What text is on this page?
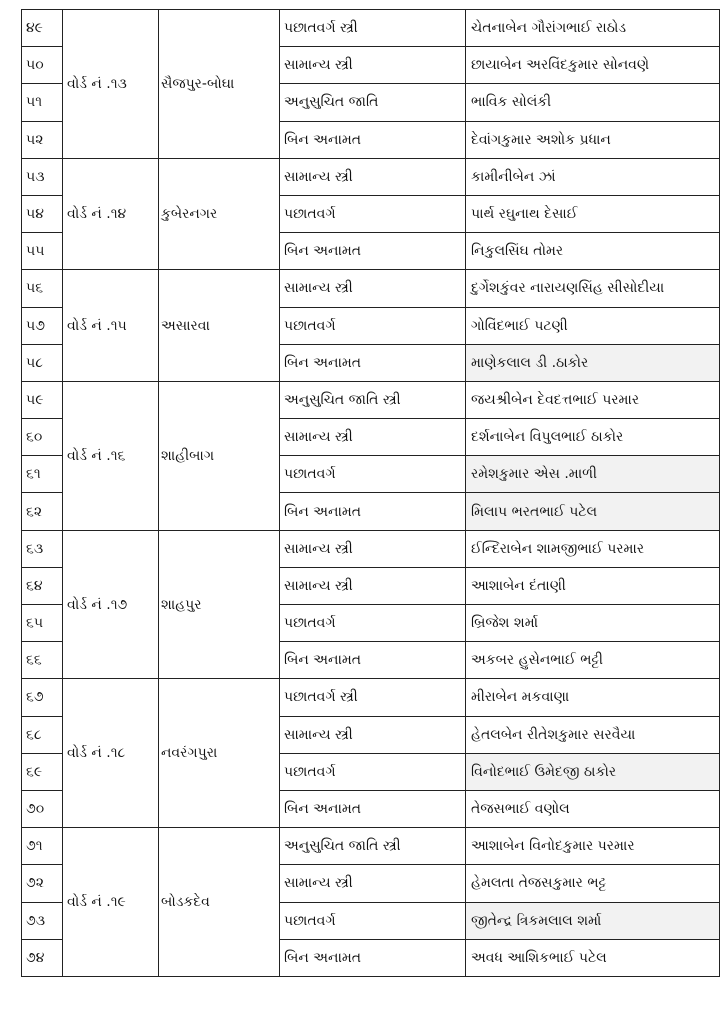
૪૯	વોર્ડ નં .૧૩	સૈજપુર-બોઘા	પછાતવર્ગ સ્ત્રી	ચેતનાબેન ગૌરાંગભાઈ રાઠોડ
૫૦			સામાન્ય સ્ત્રી	છાયાબેન અરવિંદકુમાર સોનવણે
૫૧			અનુસુચિત જાતિ	ભાવિક સોલંકી
૫૨			બિન અનામત	દેવાંગકુમાર અશોક પ્રધાન
૫૩	વોર્ડ નં .૧૪	કુબેરનગર	સામાન્ય સ્ત્રી	કામીનીબેન ઝાં
૫૪			પછાતવર્ગ	પાર્થ રઘુનાથ દેસાઈ
૫૫			બિન અનામત	નિકુલસિંઘ તોમર
૫૬	વોર્ડ નં .૧૫	અસારવા	સામાન્ય સ્ત્રી	દુર્ગેશકુંવર નારાયણસિંહ સીસોદીયા
૫૭			પછાતવર્ગ	ગોવિંદભાઈ પટણી
૫૮			બિન અનામત	માણેકલાલ ડી .ઠાકોર
૫૯	વોર્ડ નં .૧૬	શાહીબાગ	અનુસુચિત જાતિ સ્ત્રી	જયશ્રીબેન દેવદત્તભાઈ પરમાર
૬૦			સામાન્ય સ્ત્રી	દર્શનાબેન વિપુલભાઈ ઠાકોર
૬૧			પછાતવર્ગ	રમેશકુમાર એસ .માળી
૬૨			બિન અનામત	મિલાપ ભરતભાઈ પટેલ
૬૩	વોર્ડ નં .૧૭	શાહપુર	સામાન્ય સ્ત્રી	ઈન્દિરાબેન શામજીભાઈ પરમાર
૬૪			સામાન્ય સ્ત્રી	આશાબેન દંતાણી
૬૫			પછાતવર્ગ	બ્રિજેશ શર્મા
૬૬			બિન અનામત	અકબર હુસેનભાઈ ભટ્ટી
૬૭	વોર્ડ નં .૧૮	નવરંગપુરા	પછાતવર્ગ સ્ત્રી	મીરાબેન મકવાણા
૬૮			સામાન્ય સ્ત્રી	હેતલબેન રીતેશકુમાર સરવૈયા
૬૯			પછાતવર્ગ	વિનોદભાઈ ઉમેદજી ઠાકોર
૭૦			બિન અનામત	તેજસભાઈ વણોલ
૭૧	વોર્ડ નં .૧૯	બોડકદેવ	અનુસુચિત જાતિ સ્ત્રી	આશાબેન વિનોદકુમાર પરમાર
૭૨			સામાન્ય સ્ત્રી	હેમલતા તેજસકુમાર ભટ્ટ
૭૩			પછાતવર્ગ	જીતેન્દ્ર ત્રિકમલાલ શર્મા
૭૪			બિન અનામત	અવધ આશિકભાઈ પટેલ
